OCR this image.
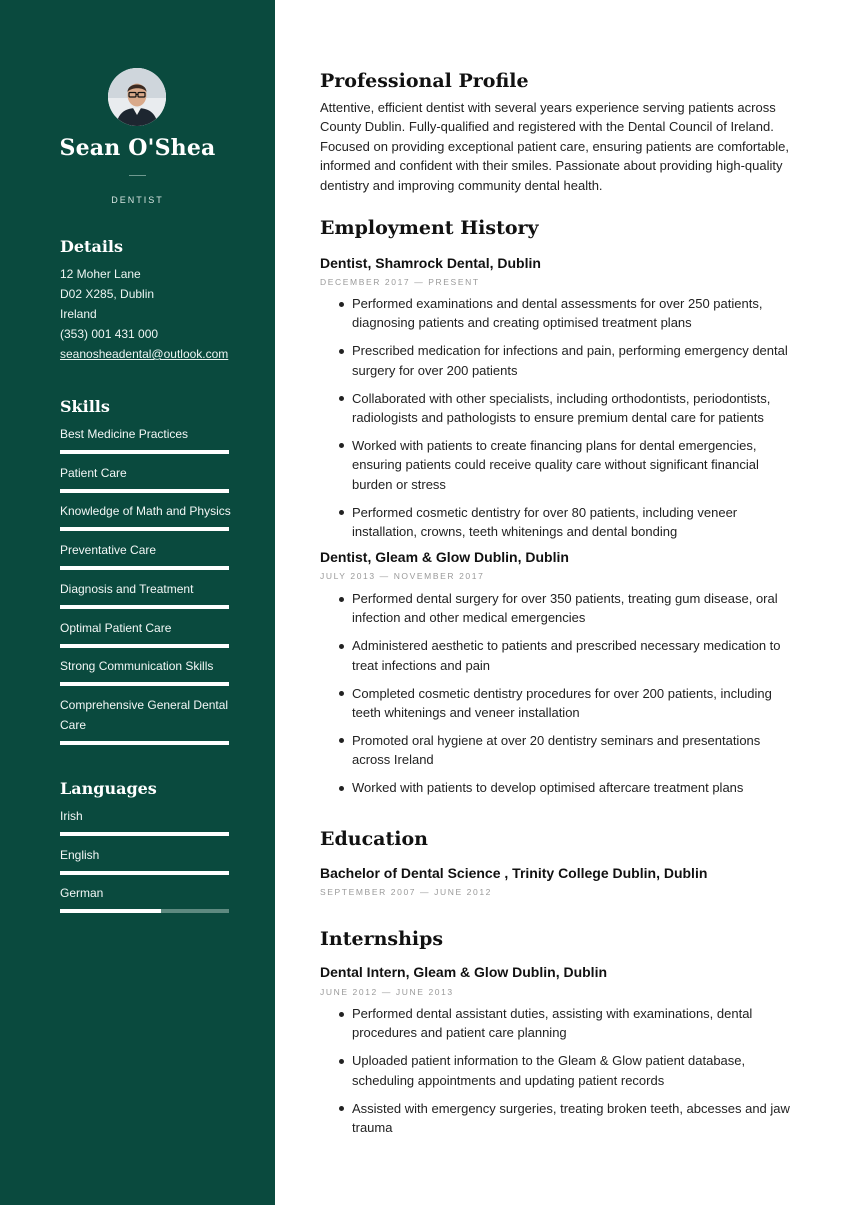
Sean O'Shea
DENTIST
Details
12 Moher Lane
D02 X285, Dublin
Ireland
(353) 001 431 000
seanosheadental@outlook.com
Skills
Best Medicine Practices
Patient Care
Knowledge of Math and Physics
Preventative Care
Diagnosis and Treatment
Optimal Patient Care
Strong Communication Skills
Comprehensive General Dental Care
Languages
Irish
English
German
Professional Profile
Attentive, efficient dentist with several years experience serving patients across County Dublin. Fully-qualified and registered with the Dental Council of Ireland. Focused on providing exceptional patient care, ensuring patients are comfortable, informed and confident with their smiles. Passionate about providing high-quality dentistry and improving community dental health.
Employment History
Dentist, Shamrock Dental, Dublin
DECEMBER 2017 — PRESENT
Performed examinations and dental assessments for over 250 patients, diagnosing patients and creating optimised treatment plans
Prescribed medication for infections and pain, performing emergency dental surgery for over 200 patients
Collaborated with other specialists, including orthodontists, periodontists, radiologists and pathologists to ensure premium dental care for patients
Worked with patients to create financing plans for dental emergencies, ensuring patients could receive quality care without significant financial burden or stress
Performed cosmetic dentistry for over 80 patients, including veneer installation, crowns, teeth whitenings and dental bonding
Dentist, Gleam & Glow Dublin, Dublin
JULY 2013 — NOVEMBER 2017
Performed dental surgery for over 350 patients, treating gum disease, oral infection and other medical emergencies
Administered aesthetic to patients and prescribed necessary medication to treat infections and pain
Completed cosmetic dentistry procedures for over 200 patients, including teeth whitenings and veneer installation
Promoted oral hygiene at over 20 dentistry seminars and presentations across Ireland
Worked with patients to develop optimised aftercare treatment plans
Education
Bachelor of Dental Science , Trinity College Dublin, Dublin
SEPTEMBER 2007 — JUNE 2012
Internships
Dental Intern, Gleam & Glow Dublin, Dublin
JUNE 2012 — JUNE 2013
Performed dental assistant duties, assisting with examinations, dental procedures and patient care planning
Uploaded patient information to the Gleam & Glow patient database, scheduling appointments and updating patient records
Assisted with emergency surgeries, treating broken teeth, abcesses and jaw trauma
